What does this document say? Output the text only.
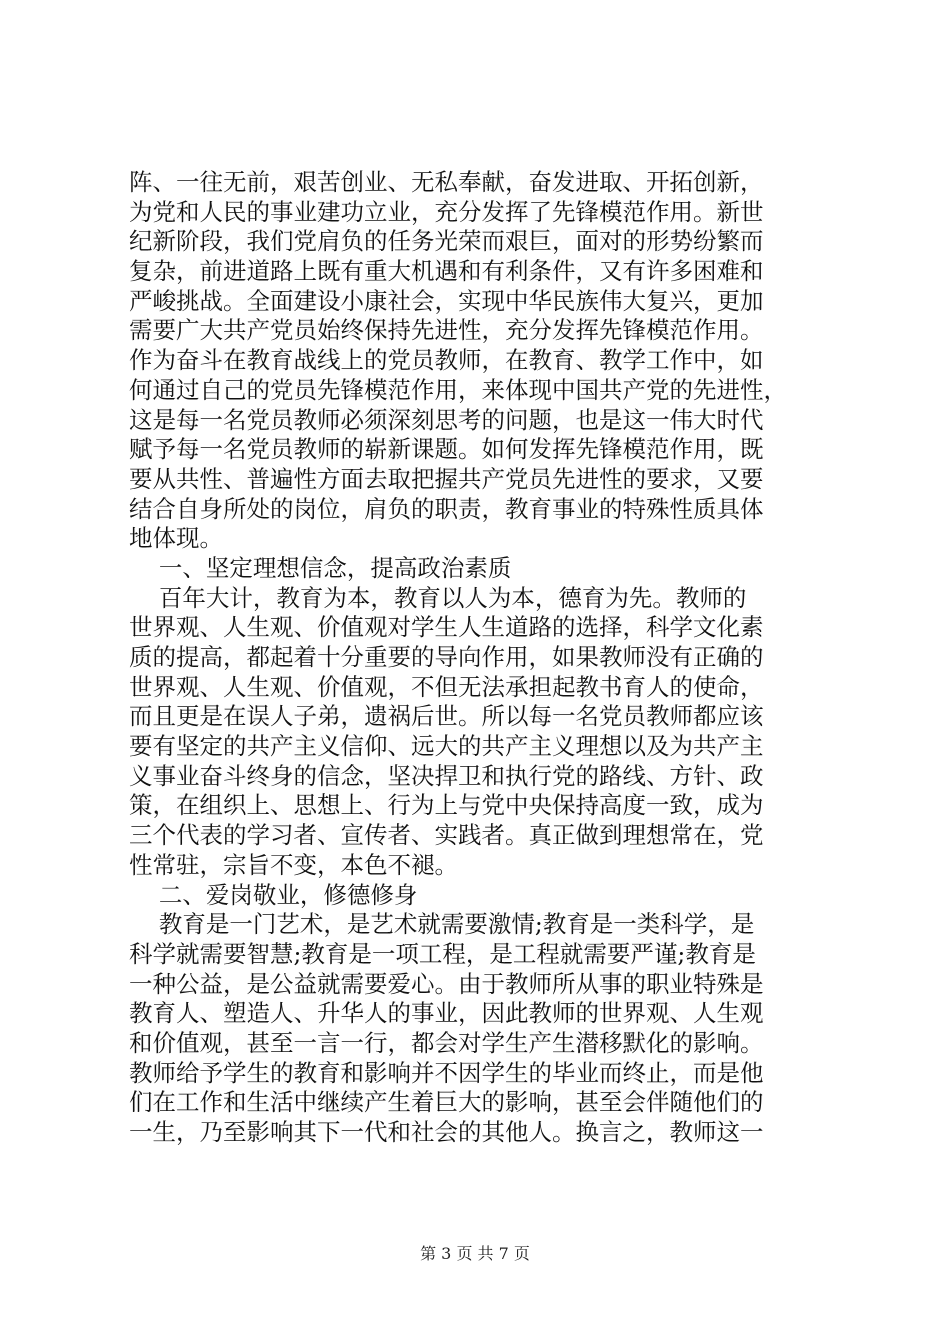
阵、一往无前，艰苦创业、无私奉献，奋发进取、开拓创新，
为党和人民的事业建功立业，充分发挥了先锋模范作用。新世
纪新阶段，我们党肩负的任务光荣而艰巨，面对的形势纷繁而
复杂，前进道路上既有重大机遇和有利条件，又有许多困难和
严峻挑战。全面建设小康社会，实现中华民族伟大复兴，更加
需要广大共产党员始终保持先进性，充分发挥先锋模范作用。
作为奋斗在教育战线上的党员教师，在教育、教学工作中，如
何通过自己的党员先锋模范作用，来体现中国共产党的先进性，
这是每一名党员教师必须深刻思考的问题，也是这一伟大时代
赋予每一名党员教师的崭新课题。如何发挥先锋模范作用，既
要从共性、普遍性方面去取把握共产党员先进性的要求，又要
结合自身所处的岗位，肩负的职责，教育事业的特殊性质具体
地体现。
一、坚定理想信念，提高政治素质
百年大计，教育为本，教育以人为本，德育为先。教师的
世界观、人生观、价值观对学生人生道路的选择，科学文化素
质的提高，都起着十分重要的导向作用，如果教师没有正确的
世界观、人生观、价值观，不但无法承担起教书育人的使命，
而且更是在误人子弟，遗祸后世。所以每一名党员教师都应该
要有坚定的共产主义信仰、远大的共产主义理想以及为共产主
义事业奋斗终身的信念，坚决捍卫和执行党的路线、方针、政
策，在组织上、思想上、行为上与党中央保持高度一致，成为
三个代表的学习者、宣传者、实践者。真正做到理想常在，党
性常驻，宗旨不变，本色不褪。
二、爱岗敬业，修德修身
教育是一门艺术，是艺术就需要激情;教育是一类科学，是
科学就需要智慧;教育是一项工程，是工程就需要严谨;教育是
一种公益，是公益就需要爱心。由于教师所从事的职业特殊是
教育人、塑造人、升华人的事业，因此教师的世界观、人生观
和价值观，甚至一言一行，都会对学生产生潜移默化的影响。
教师给予学生的教育和影响并不因学生的毕业而终止，而是他
们在工作和生活中继续产生着巨大的影响，甚至会伴随他们的
一生，乃至影响其下一代和社会的其他人。换言之，教师这一
第 3 页 共 7 页
